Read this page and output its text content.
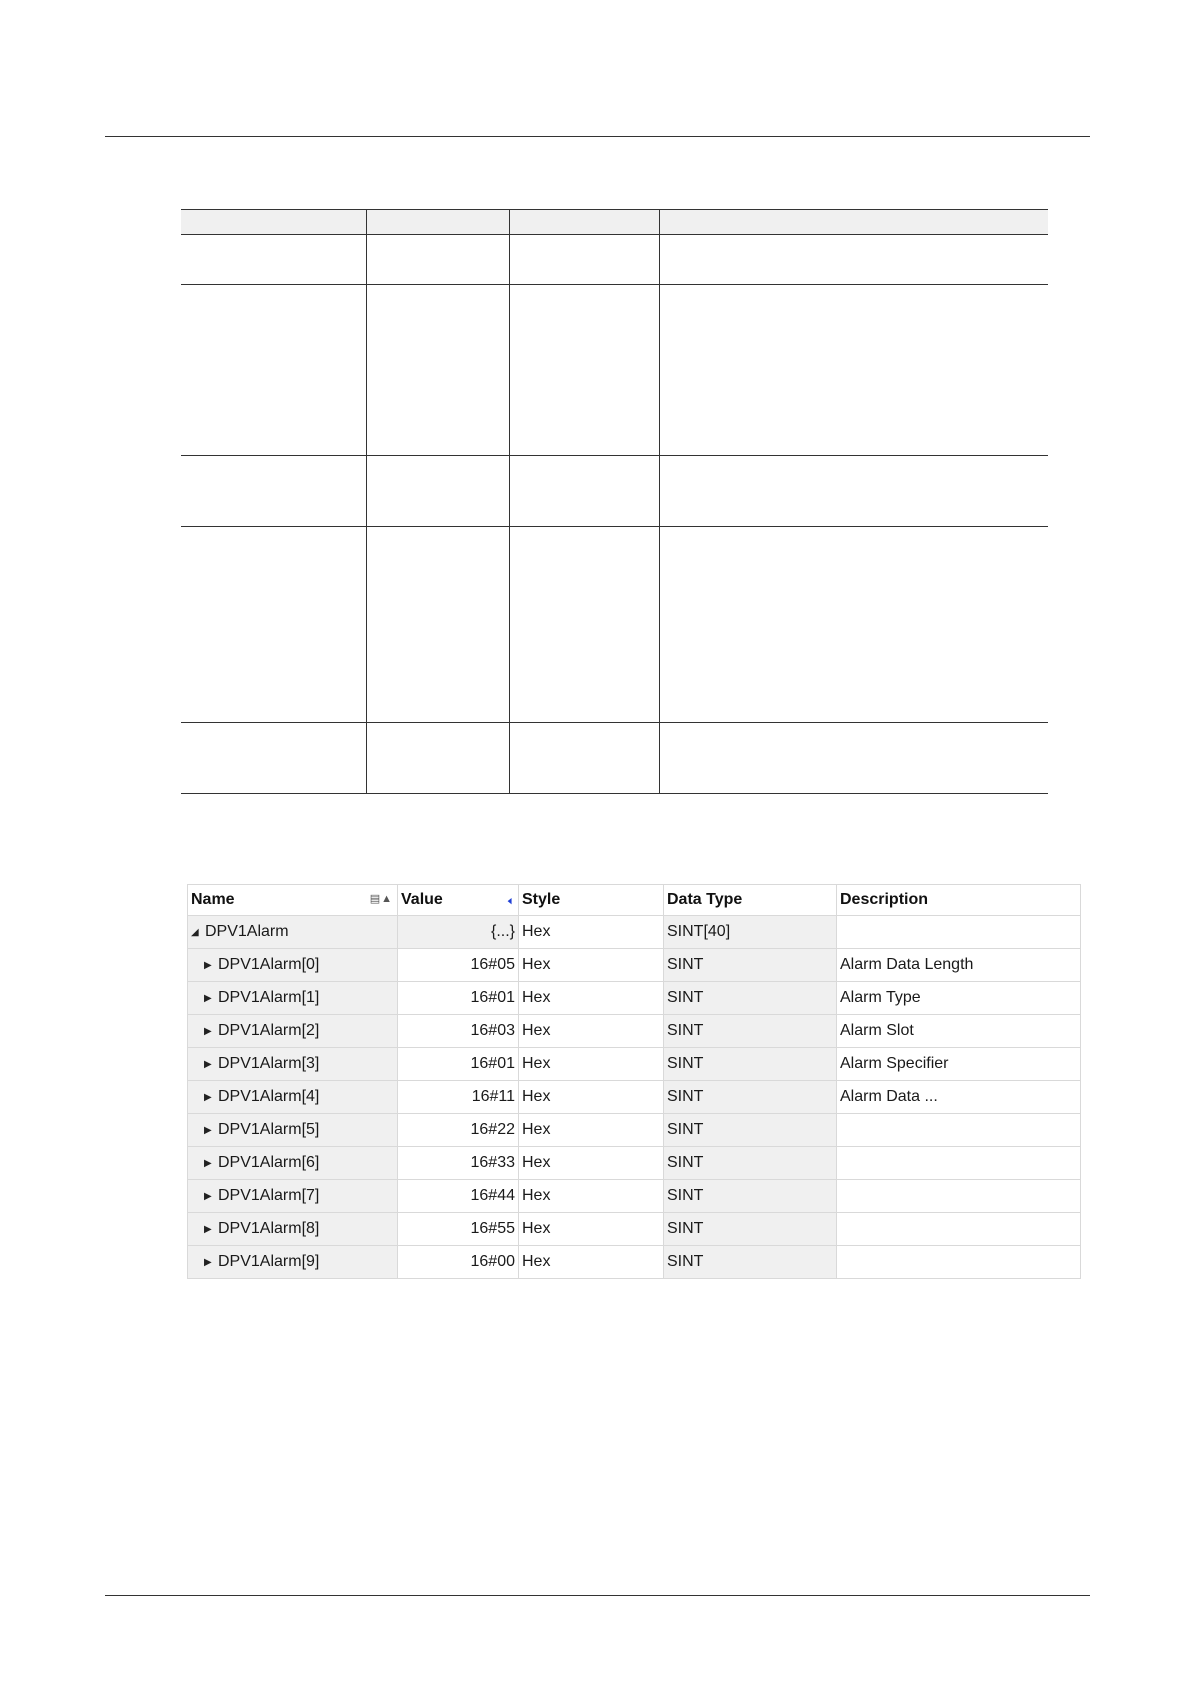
Name ▤▲	Value 🢐	Style	Data Type	Description
◢ DPV1Alarm	{...}	Hex	SINT[40]	
▶ DPV1Alarm[0]	16#05	Hex	SINT	Alarm Data Length
▶ DPV1Alarm[1]	16#01	Hex	SINT	Alarm Type
▶ DPV1Alarm[2]	16#03	Hex	SINT	Alarm Slot
▶ DPV1Alarm[3]	16#01	Hex	SINT	Alarm Specifier
▶ DPV1Alarm[4]	16#11	Hex	SINT	Alarm Data ...
▶ DPV1Alarm[5]	16#22	Hex	SINT	
▶ DPV1Alarm[6]	16#33	Hex	SINT	
▶ DPV1Alarm[7]	16#44	Hex	SINT	
▶ DPV1Alarm[8]	16#55	Hex	SINT	
▶ DPV1Alarm[9]	16#00	Hex	SINT	
